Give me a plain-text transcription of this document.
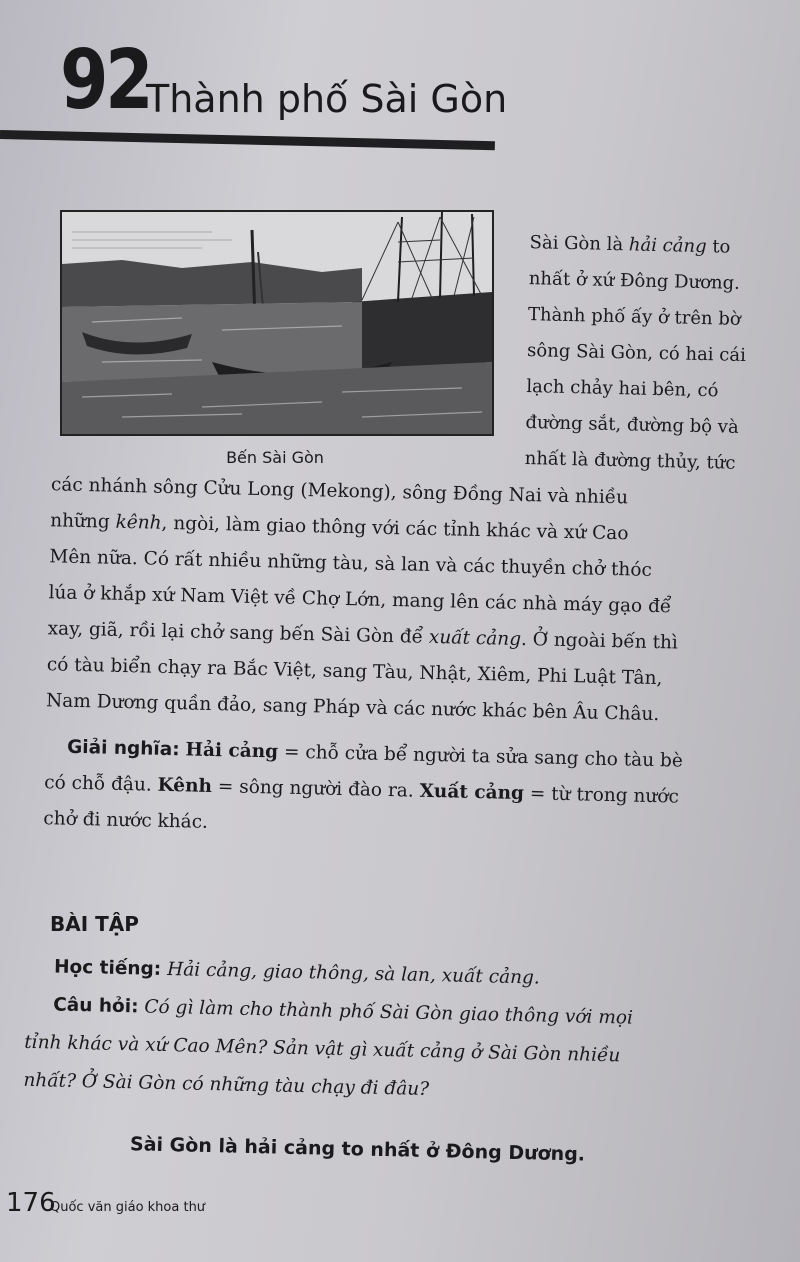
92
Thành phố Sài Gòn
Bến Sài Gòn
Sài Gòn là hải cảng to
nhất ở xứ Đông Dương.
Thành phố ấy ở trên bờ
sông Sài Gòn, có hai cái
lạch chảy hai bên, có
đường sắt, đường bộ và
nhất là đường thủy, tức
các nhánh sông Cửu Long (Mekong), sông Đồng Nai và nhiều
những kênh, ngòi, làm giao thông với các tỉnh khác và xứ Cao
Mên nữa. Có rất nhiều những tàu, sà lan và các thuyền chở thóc
lúa ở khắp xứ Nam Việt về Chợ Lớn, mang lên các nhà máy gạo để
xay, giã, rồi lại chở sang bến Sài Gòn để xuất cảng. Ở ngoài bến thì
có tàu biển chạy ra Bắc Việt, sang Tàu, Nhật, Xiêm, Phi Luật Tân,
Nam Dương quần đảo, sang Pháp và các nước khác bên Âu Châu.
Giải nghĩa: Hải cảng = chỗ cửa bể người ta sửa sang cho tàu bè
có chỗ đậu. Kênh = sông người đào ra. Xuất cảng = từ trong nước
chở đi nước khác.
BÀI TẬP
Học tiếng: Hải cảng, giao thông, sà lan, xuất cảng.
Câu hỏi: Có gì làm cho thành phố Sài Gòn giao thông với mọi
tỉnh khác và xứ Cao Mên? Sản vật gì xuất cảng ở Sài Gòn nhiều
nhất? Ở Sài Gòn có những tàu chạy đi đâu?
Sài Gòn là hải cảng to nhất ở Đông Dương.
176
Quốc văn giáo khoa thư
